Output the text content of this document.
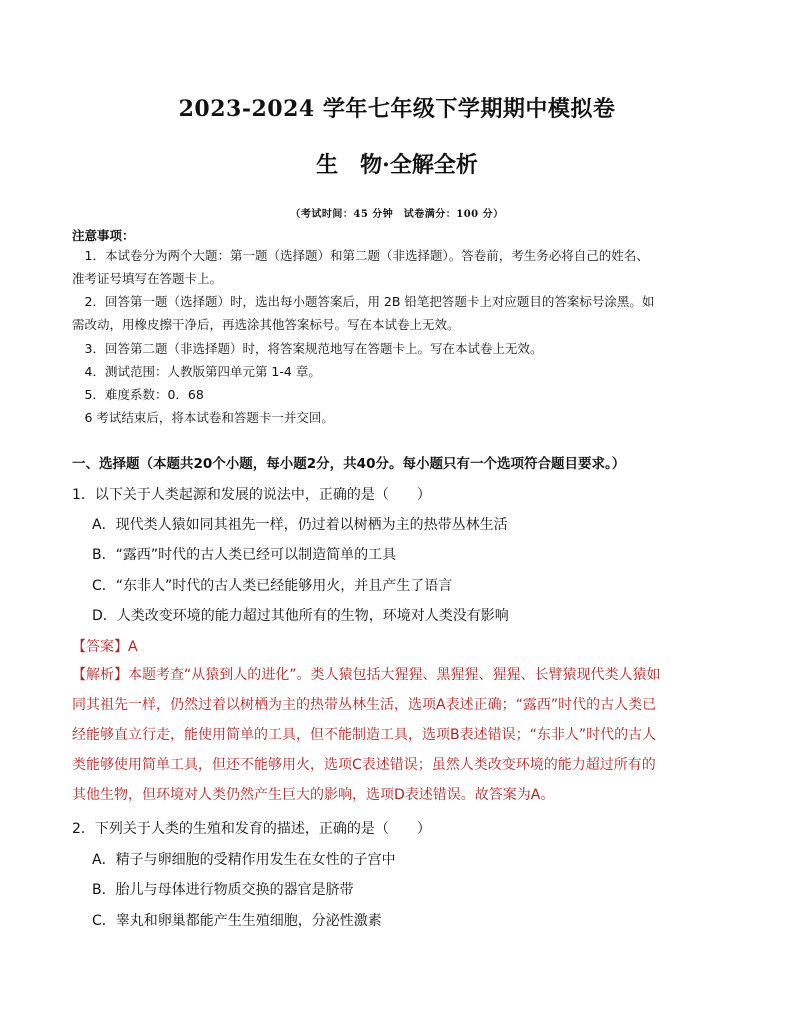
2023-2024 学年七年级下学期期中模拟卷
生　物·全解全析
（考试时间：45 分钟　试卷满分：100 分）
注意事项：
　1．本试卷分为两个大题：第一题（选择题）和第二题（非选择题）。答卷前，考生务必将自己的姓名、
准考证号填写在答题卡上。
　2．回答第一题（选择题）时，选出每小题答案后，用 2B 铅笔把答题卡上对应题目的答案标号涂黑。如
需改动，用橡皮擦干净后，再选涂其他答案标号。写在本试卷上无效。
　3．回答第二题（非选择题）时，将答案规范地写在答题卡上。写在本试卷上无效。
　4．测试范围：人教版第四单元第 1-4 章。
　5．难度系数：0．68
　6 考试结束后，将本试卷和答题卡一并交回。
一、选择题（本题共20个小题，每小题2分，共40分。每小题只有一个选项符合题目要求。）
1．以下关于人类起源和发展的说法中，正确的是（　　）
A．现代类人猿如同其祖先一样，仍过着以树栖为主的热带丛林生活
B．“露西”时代的古人类已经可以制造简单的工具
C．“东非人”时代的古人类已经能够用火，并且产生了语言
D．人类改变环境的能力超过其他所有的生物，环境对人类没有影响
【答案】A
【解析】本题考查“从猿到人的进化”。类人猿包括大猩猩、黑猩猩、猩猩、长臂猿现代类人猿如
同其祖先一样，仍然过着以树栖为主的热带丛林生活，选项A表述正确；“露西”时代的古人类已
经能够直立行走，能使用简单的工具，但不能制造工具，选项B表述错误；“东非人”时代的古人
类能够使用简单工具，但还不能够用火，选项C表述错误；虽然人类改变环境的能力超过所有的
其他生物，但环境对人类仍然产生巨大的影响，选项D表述错误。故答案为A。
2．下列关于人类的生殖和发育的描述，正确的是（　　）
A．精子与卵细胞的受精作用发生在女性的子宫中
B．胎儿与母体进行物质交换的器官是脐带
C．睾丸和卵巢都能产生生殖细胞，分泌性激素
